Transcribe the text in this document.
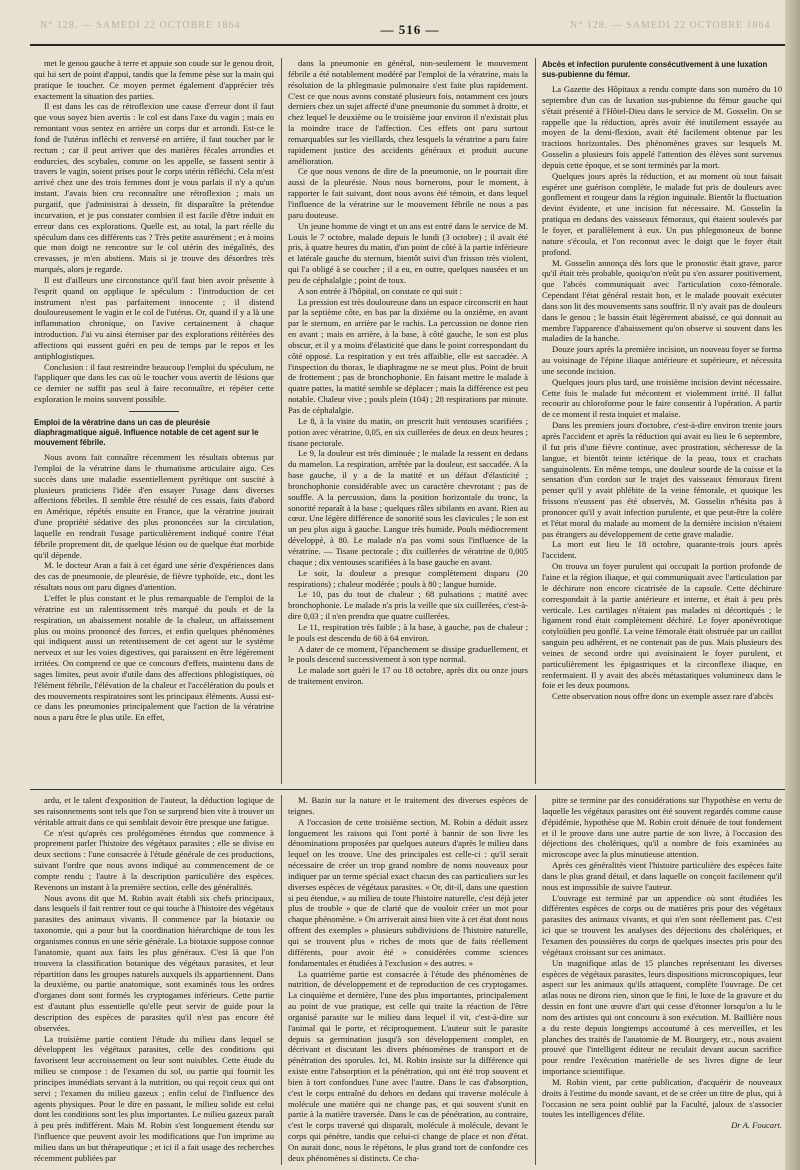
N° 128. — SAMEDI 22 OCTOBRE 1864	N° 128. — SAMEDI 22 OCTOBRE 1864
— 516 —

met le genou gauche à terre et appuie son coude sur le genou droit, qui lui sert de point d'appui, tandis que la femme pèse sur la main qui pratique le toucher. Ce moyen permet également d'apprécier très exactement la situation des parties.

Il est dans les cas de rétroflexion une cause d'erreur dont il faut que vous soyez bien avertis : le col est dans l'axe du vagin ; mais en remontant vous sentez en arrière un corps dur et arrondi. Est-ce le fond de l'utérus infléchi et renversé en arrière, il faut toucher par le rectum ; car il peut arriver que des matières fécales arrondies et endurcies, des scybales, comme on les appelle, se fassent sentir à travers le vagin, soient prises pour le corps utérin réfléchi. Cela m'est arrivé chez une des trois femmes dont je vous parlais il n'y a qu'un instant. J'avais bien cru reconnaître une rétroflexion ; mais un purgatif, que j'administrai à dessein, fit disparaître la prétendue incurvation, et je pus constater combien il est facile d'être induit en erreur dans ces explorations. Quelle est, au total, la part réelle du spéculum dans ces différents cas ? Très petite assurément ; et à moins que mon doigt ne rencontre sur le col utérin des inégalités, des crevasses, je m'en abstiens. Mais si je trouve des désordres très marqués, alors je regarde.

Il est d'ailleurs une circonstance qu'il faut bien avoir présente à l'esprit quand on applique le spéculum : l'introduction de cet instrument n'est pas parfaitement innocente ; il distend douloureusement le vagin et le col de l'utérus. Or, quand il y a là une inflammation chronique, on l'avive certainement à chaque introduction. J'ai vu ainsi éterniser par des explorations réitérées des affections qui eussent guéri en peu de temps par le repos et les antiphlogistiques.

Conclusion : il faut restreindre beaucoup l'emploi du spéculum, ne l'appliquer que dans les cas où le toucher vous avertit de lésions que ce dernier ne suffit pas seul à faire reconnaître, et répéter cette exploration le moins souvent possible.

Emploi de la vératrine dans un cas de pleurésie diaphragmatique aiguë. Influence notable de cet agent sur le mouvement fébrile.

Nous avons fait connaître récemment les résultats obtenus par l'emploi de la vératrine dans le rhumatisme articulaire aigu. Ces succès dans une maladie essentiellement pyrétique ont suscité à plusieurs praticiens l'idée d'en essayer l'usage dans diverses affections fébriles. Il semble être résulté de ces essais, faits d'abord en Amérique, répétés ensuite en France, que la vératrine jouirait d'une propriété sédative des plus prononcées sur la circulation, laquelle en rendrait l'usage particulièrement indiqué contre l'état fébrile proprement dit, de quelque lésion ou de quelque état morbide qu'il dépende.

M. le docteur Aran a fait à cet égard une série d'expériences dans des cas de pneumonie, de pleurésie, de fièvre typhoïde, etc., dont les résultats nous ont paru dignes d'attention.

L'effet le plus constant et le plus remarquable de l'emploi de la vératrine est un ralentissement très marqué du pouls et de la respiration, un abaissement notable de la chaleur, un affaissement plus ou moins prononcé des forces, et enfin quelques phénomènes qui indiquent aussi un retentissement de cet agent sur le système nerveux et sur les voies digestives, qui paraissent en être légèrement irritées. On comprend ce que ce concours d'effets, maintenu dans de sages limites, peut avoir d'utile dans des affections phlogistiques, où l'élément fébrile, l'élévation de la chaleur et l'accélération du pouls et des mouvements respiratoires sont les principaux éléments. Aussi est-ce dans les pneumonies principalement que l'action de la vératrine nous a paru être le plus utile. En effet,

dans la pneumonie en général, non-seulement le mouvement fébrile a été notablement modéré par l'emploi de la vératrine, mais la résolution de la phlegmasie pulmonaire s'est faite plus rapidement. C'est ce que nous avons constaté plusieurs fois, notamment ces jours derniers chez un sujet affecté d'une pneumonie du sommet à droite, et chez lequel le deuxième ou le troisième jour environ il n'existait plus la moindre trace de l'affection. Ces effets ont paru surtout remarquables sur les vieillards, chez lesquels la vératrine a paru faire rapidement justice des accidents généraux et produit aucune amélioration.

Ce que nous venons de dire de la pneumonie, on le pourrait dire aussi de la pleurésie. Nous nous bornerons, pour le moment, à rapporter le fait suivant, dont nous avons été témoin, et dans lequel l'influence de la vératrine sur le mouvement fébrile ne nous a pas paru douteuse.

Un jeune homme de vingt et un ans est entré dans le service de M. Louis le 7 octobre, malade depuis le lundi (3 octobre) ; il avait été pris, à quatre heures du matin, d'un point de côté à la partie inférieure et latérale gauche du sternum, bientôt suivi d'un frisson très violent, qui l'a obligé à se coucher ; il a eu, en outre, quelques nausées et un peu de céphalalgie ; point de toux.

A son entrée à l'hôpital, on constate ce qui suit :

La pression est très douloureuse dans un espace circonscrit en haut par la septième côte, en bas par la dixième ou la onzième, en avant par le sternum, en arrière par le rachis. La percussion ne donne rien en avant ; mais en arrière, à la base, à côté gauche, le son est plus obscur, et il y a moins d'élasticité que dans le point correspondant du côté opposé. La respiration y est très affaiblie, elle est saccadée. A l'inspection du thorax, le diaphragme ne se meut plus. Point de bruit de frottement ; pas de bronchophonie. En faisant mettre le malade à quatre pattes, la matité semble se déplacer ; mais la différence est peu notable. Chaleur vive ; pouls plein (104) ; 28 respirations par minute. Pas de céphalalgie.

Le 8, à la visite du matin, on prescrit huit ventouses scarifiées ; potion avec vératrine, 0,05, en six cuillerées de deux en deux heures ; tisane pectorale.

Le 9, la douleur est très diminuée ; le malade la ressent en dedans du mamelon. La respiration, arrêtée par la douleur, est saccadée. A la base gauche, il y a de la matité et un défaut d'élasticité ; bronchophonie considérable avec un caractère chevrotant ; pas de souffle. A la percussion, dans la position horizontale du tronc, la sonorité reparaît à la base ; quelques râles sibilants en avant. Rien au cœur. Une légère différence de sonorité sous les clavicules ; le son est un peu plus aigu à gauche. Langue très humide. Pouls médiocrement développé, à 80. Le malade n'a pas vomi sous l'influence de la vératrine. — Tisane pectorale ; dix cuillerées de vératrine de 0,005 chaque ; dix ventouses scarifiées à la base gauche en avant.

Le soir, la douleur a presque complètement disparu (20 respirations) ; chaleur modérée ; pouls à 80 ; langue humide.

Le 10, pas du tout de chaleur ; 68 pulsations ; matité avec bronchophonie. Le malade n'a pris la veille que six cuillerées, c'est-à-dire 0,03 ; il n'en prendra que quatre cuillerées.

Le 11, respiration très faible ; à la base, à gauche, pas de chaleur ; le pouls est descendu de 60 à 64 environ.

A dater de ce moment, l'épanchement se dissipe graduellement, et le pouls descend successivement à son type normal.

Le malade sort guéri le 17 ou 18 octobre, après dix ou onze jours de traitement environ.

Abcès et infection purulente consécutivement à une luxation sus-pubienne du fémur.

La Gazette des Hôpitaux a rendu compte dans son numéro du 10 septembre d'un cas de luxation sus-pubienne du fémur gauche qui s'était présenté à l'Hôtel-Dieu dans le service de M. Gosselin. On se rappelle que la réduction, après avoir été inutilement essayée au moyen de la demi-flexion, avait été facilement obtenue par les tractions horizontales. Des phénomènes graves sur lesquels M. Gosselin a plusieurs fois appelé l'attention des élèves sont survenus depuis cette époque, et se sont terminés par la mort.

Quelques jours après la réduction, et au moment où tout faisait espérer une guérison complète, le malade fut pris de douleurs avec gonflement et rougeur dans la région inguinale. Bientôt la fluctuation devint évidente, et une incision fut nécessaire. M. Gosselin la pratiqua en dedans des vaisseaux fémoraux, qui étaient soulevés par le foyer, et parallèlement à eux. Un pus phlegmoneux de bonne nature s'écoula, et l'on reconnut avec le doigt que le foyer était profond.

M. Gosselin annonça dès lors que le pronostic était grave, parce qu'il était très probable, quoiqu'on n'eût pu s'en assurer positivement, que l'abcès communiquait avec l'articulation coxo-fémorale. Cependant l'état général restait bon, et le malade pouvait exécuter dans son lit des mouvements sans souffrir. Il n'y avait pas de douleurs dans le genou ; le bassin était légèrement abaissé, ce qui donnait au membre l'apparence d'abaissement qu'on observe si souvent dans les maladies de la hanche.

Douze jours après la première incision, un nouveau foyer se forma au voisinage de l'épine iliaque antérieure et supérieure, et nécessita une seconde incision.

Quelques jours plus tard, une troisième incision devint nécessaire. Cette fois le malade fut mécontent et violemment irrité. Il fallut recourir au chloroforme pour le faire consentir à l'opération. A partir de ce moment il resta inquiet et malaise.

Dans les premiers jours d'octobre, c'est-à-dire environ trente jours après l'accident et après la réduction qui avait eu lieu le 6 septembre, il fut pris d'une fièvre continue, avec prostration, sécheresse de la langue, et bientôt teinte ictérique de la peau, toux et crachats sanguinolents. En même temps, une douleur sourde de la cuisse et la sensation d'un cordon sur le trajet des vaisseaux fémoraux firent penser qu'il y avait phlébite de la veine fémorale, et quoique les frissons n'eussent pas été observés, M. Gosselin n'hésita pas à prononcer qu'il y avait infection purulente, et que peut-être la colère et l'état moral du malade au moment de la dernière incision n'étaient pas étrangers au développement de cette grave maladie.

La mort eut lieu le 18 octobre, quarante-trois jours après l'accident.

On trouva un foyer purulent qui occupait la portion profonde de l'aine et la région iliaque, et qui communiquait avec l'articulation par le déchirure non encore cicatrisée de la capsule. Cette déchirure correspondait à la partie antérieure et interne, et était à peu près verticale. Les cartilages n'étaient pas malades ni décortiqués ; le ligament rond était complètement déchiré. Le foyer aponévrotique cotyloïdien peu gonflé. La veine fémorale était obstruée par un caillot sanguin peu adhérent, et ne contenait pas de pus. Mais plusieurs des veines de second ordre qui avoisinaient le foyer purulent, et particulièrement les épigastriques et la circonflexe iliaque, en renfermaient. Il y avait des abcès métastatiques volumineux dans le foie et les deux poumons.

Cette observation nous offre donc un exemple assez rare d'abcès

ardu, et le talent d'exposition de l'auteur, la déduction logique de ses raisonnements sont tels que l'on se surprend bien vite à trouver un véritable attrait dans ce qui semblait devoir être presque une fatigue.

Ce n'est qu'après ces prolégomènes étendus que commence à proprement parler l'histoire des végétaux parasites ; elle se divise en deux sections : l'une consacrée à l'étude générale de ces productions, suivant l'ordre que nous avons indiqué au commencement de ce compte rendu ; l'autre à la description particulière des espèces. Revenons un instant à la première section, celle des généralités.

Nous avons dit que M. Robin avait établi six chefs principaux, dans lesquels il fait rentrer tout ce qui touche à l'histoire des végétaux parasites des animaux vivants. Il commence par la biotaxie ou taxonomie, qui a pour but la coordination hiérarchique de tous les organismes connus en une série générale. La biotaxie suppose connue l'anatomie, quant aux faits les plus généraux. C'est là que l'on trouvera la classification botanique des végétaux parasites, et leur répartition dans les groupes naturels auxquels ils appartiennent. Dans la deuxième, ou partie anatomique, sont examinés tous les ordres d'organes dont sont formés les cryptogames inférieurs. Cette partie est d'autant plus essentielle qu'elle peut servir de guide pour la description des espèces de parasites qu'il n'est pas encore été observées.

La troisième partie contient l'étude du milieu dans lequel se développent les végétaux parasites, celle des conditions qui favorisent leur accroissement ou leur sont nuisibles. Cette étude du milieu se compose : de l'examen du sol, ou partie qui fournit les principes immédiats servant à la nutrition, ou qui reçoit ceux qui ont servi ; l'examen du milieu gazeux ; enfin celui de l'influence des agents physiques. Pour le dire en passant, le milieu solide est celui dont les conditions sont les plus importantes. Le milieu gazeux paraît à peu près indifférent. Mais M. Robin s'est longuement étendu sur l'influence que peuvent avoir les modifications que l'on imprime au milieu dans un but thérapeutique ; et ici il a fait usage des recherches récemment publiées par

M. Bazin sur la nature et le traitement des diverses espèces de teignes.

A l'occasion de cette troisième section, M. Robin a déduit assez longuement les raisons qui l'ont porté à bannir de son livre les dénominations proposées par quelques auteurs d'après le milieu dans lequel on les trouve. Une des principales est celle-ci : qu'il serait nécessaire de créer un trop grand nombre de noms nouveaux pour indiquer par un terme spécial exact chacun des cas particuliers sur les diverses espèces de végétaux parasites. « Or, dit-il, dans une question si peu étendue, » au milieu de toute l'histoire naturelle, c'est déjà jeter plus de trouble » que de clarté que de vouloir créer un mot pour chaque phénomène. » On arriverait ainsi bien vite à cet état dont nous offrent des exemples » plusieurs subdivisions de l'histoire naturelle, qui se trouvent plus » riches de mots que de faits réellement différents, pour avoir été » considérées comme sciences fondamentales et étudiées à l'exclusion » des autres. »

La quatrième partie est consacrée à l'étude des phénomènes de nutrition, de développement et de reproduction de ces cryptogames. La cinquième et dernière, l'une des plus importantes, principalement au point de vue pratique, est celle qui traite la réaction de l'être organisé parasite sur le milieu dans lequel il vit, c'est-à-dire sur l'animal qui le porte, et réciproquement. L'auteur suit le parasite depuis sa germination jusqu'à son développement complet, en décrivant et discutant les divers phénomènes de transport et de pénétration des sporules. Ici, M. Robin insiste sur la différence qui existe entre l'absorption et la pénétration, qui ont été trop souvent et bien à tort confondues l'une avec l'autre. Dans le cas d'absorption, c'est le corps entraîné du dehors en dedans qui traverse molécule à molécule une matière qui ne change pas, et qui souvent s'unit en partie à la matière traversée. Dans le cas de pénétration, au contraire, c'est le corps traversé qui disparaît, molécule à molécule, devant le corps qui pénètre, tandis que celui-ci change de place et non d'état. On aurait donc, nous le répétons, le plus grand tort de confondre ces deux phénomènes si distincts. Ce cha-

pitre se termine par des considérations sur l'hypothèse en vertu de laquelle les végétaux parasites ont été souvent regardés comme cause d'épidémie, hypothèse que M. Robin croit dénuée de tout fondement et il le prouve dans une autre partie de son livre, à l'occasion des déjections des cholériques, qu'il a nombre de fois examinées au microscope avec la plus minutieuse attention.

Après ces généralités vient l'histoire particulière des espèces faite dans le plus grand détail, et dans laquelle on conçoit facilement qu'il nous est impossible de suivre l'auteur.

L'ouvrage est terminé par un appendice où sont étudiées les différentes espèces de corps ou de matières pris pour des végétaux parasites des animaux vivants, et qui n'en sont réellement pas. C'est ici que se trouvent les analyses des déjections des cholériques, et l'examen des poussières du corps de quelques insectes pris pour des végétaux croissant sur ces animaux.

Un magnifique atlas de 15 planches représentant les diverses espèces de végétaux parasites, leurs dispositions microscopiques, leur aspect sur les animaux qu'ils attaquent, complète l'ouvrage. De cet atlas nous ne dirons rien, sinon que le fini, le luxe de la gravure et du dessin en font une œuvre d'art qui cesse d'étonner lorsqu'on a lu le nom des artistes qui ont concouru à son exécution. M. Baillière nous a du reste depuis longtemps accoutumé à ces merveilles, et les planches des traités de l'anatomie de M. Bourgery, etc., nous avaient prouvé que l'intelligent éditeur ne reculait devant aucun sacrifice pour rendre l'exécution matérielle de ses livres digne de leur importance scientifique.

M. Robin vient, par cette publication, d'acquérir de nouveaux droits à l'estime du monde savant, et de se créer un titre de plus, qui à l'occasion ne sera point oublié par la Faculté, jaloux de s'associer toutes les intelligences d'élite.

Dr A. Foucart.
